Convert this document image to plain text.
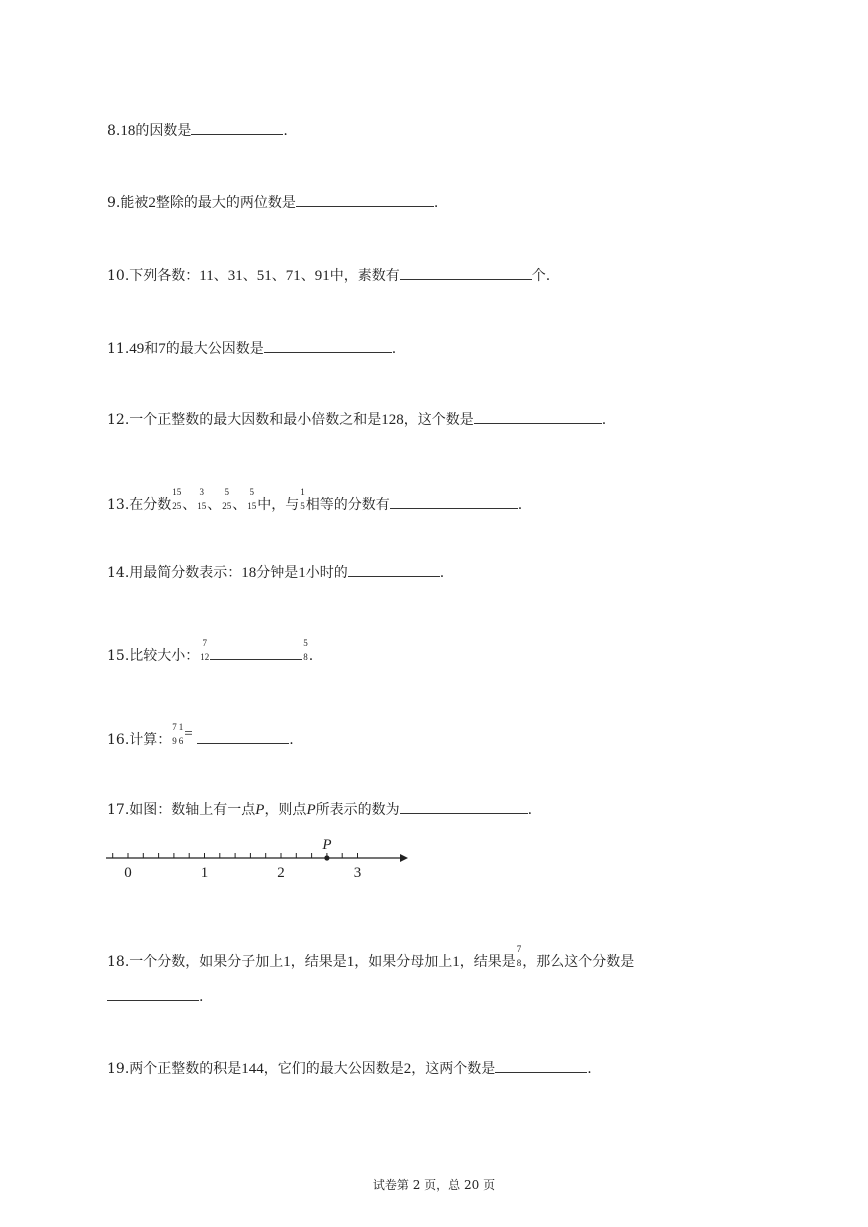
8.18的因数是	.
9.能被2整除的最大的两位数是	.
10.下列各数：11、31、51、71、91中，素数有	个.
11.49和7的最大公因数是	.
12.一个正整数的最大因数和最小倍数之和是128，这个数是	.
13.在分数
15
25 、
3
15 、
5
25 、
5
15 中，与
1
5 相等的分数有	.
14.用最简分数表示：18分钟是1小时的	.
15.比较大小：
7
12
5
8 .
16.计算：
7
9
1
6 =	.
17.如图：数轴上有一点P，则点P所表示的数为	.
0	1	2	3
P
18.一个分数，如果分子加上1，结果是1，如果分母加上1，结果是
7
8 ，那么这个分数是
.
19.两个正整数的积是144，它们的最大公因数是2，这两个数是	.
试卷第 2 页，总 20 页
